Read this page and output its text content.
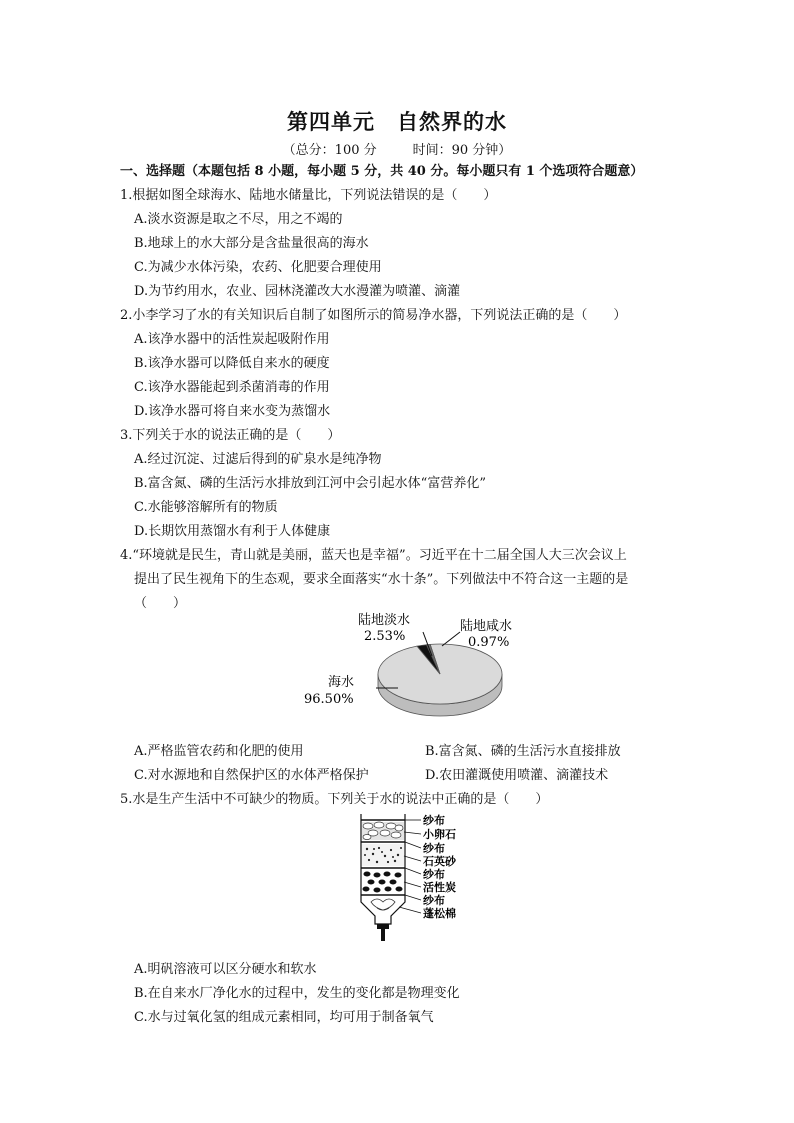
第四单元 自然界的水
（总分：100 分	时间：90 分钟）
一、选择题（本题包括 8 小题，每小题 5 分，共 40 分。每小题只有 1 个选项符合题意）
1.根据如图全球海水、陆地水储量比，下列说法错误的是（　　）
A.淡水资源是取之不尽，用之不竭的
B.地球上的水大部分是含盐量很高的海水
C.为减少水体污染，农药、化肥要合理使用
D.为节约用水，农业、园林浇灌改大水漫灌为喷灌、滴灌
2.小李学习了水的有关知识后自制了如图所示的简易净水器，下列说法正确的是（　　）
A.该净水器中的活性炭起吸附作用
B.该净水器可以降低自来水的硬度
C.该净水器能起到杀菌消毒的作用
D.该净水器可将自来水变为蒸馏水
3.下列关于水的说法正确的是（　　）
A.经过沉淀、过滤后得到的矿泉水是纯净物
B.富含氮、磷的生活污水排放到江河中会引起水体“富营养化”
C.水能够溶解所有的物质
D.长期饮用蒸馏水有利于人体健康
4.“环境就是民生，青山就是美丽，蓝天也是幸福”。习近平在十二届全国人大三次会议上
提出了民生视角下的生态观，要求全面落实“水十条”。下列做法中不符合这一主题的是
（　　）
海水
96.50%
陆地淡水
2.53%
陆地咸水
0.97%
A.严格监管农药和化肥的使用	B.富含氮、磷的生活污水直接排放
C.对水源地和自然保护区的水体严格保护	D.农田灌溉使用喷灌、滴灌技术
5.水是生产生活中不可缺少的物质。下列关于水的说法中正确的是（　　）
纱布
小卵石
纱布
石英砂
纱布
活性炭
纱布
蓬松棉
A.明矾溶液可以区分硬水和软水
B.在自来水厂净化水的过程中，发生的变化都是物理变化
C.水与过氧化氢的组成元素相同，均可用于制备氧气
